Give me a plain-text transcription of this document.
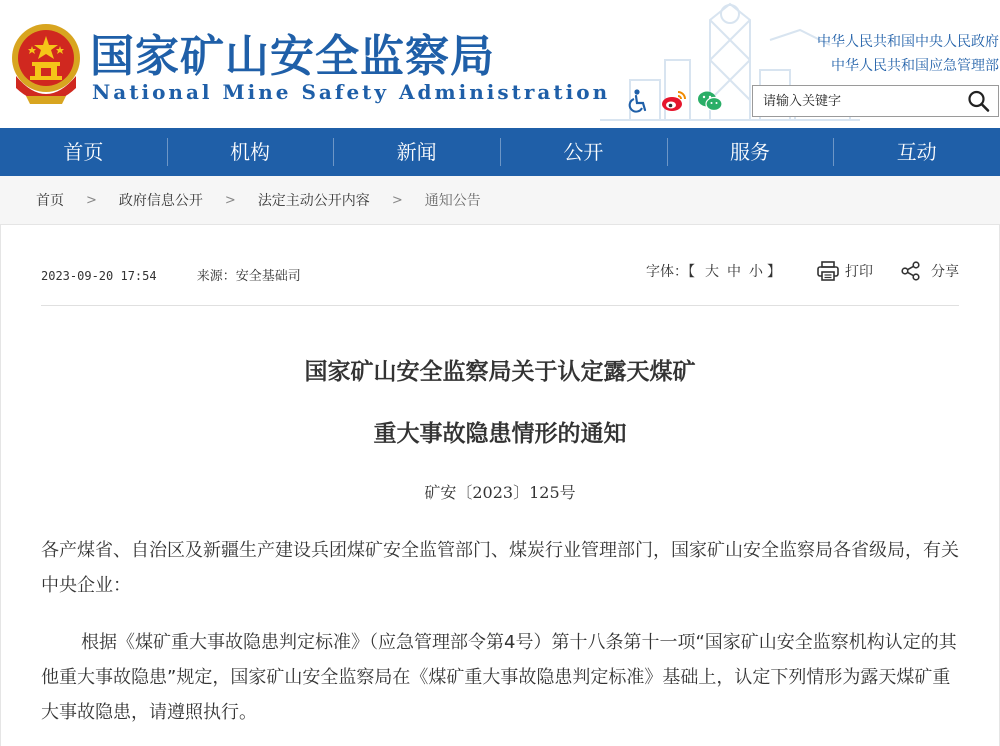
国家矿山安全监察局
National Mine Safety Administration
中华人民共和国中央人民政府
中华人民共和国应急管理部
请输入关键字
首页	机构	新闻	公开	服务	互动
首页 > 政府信息公开 > 法定主动公开内容 > 通知公告
2023-09-20 17:54	来源：安全基础司	字体：【 大 中 小 】	打印	分享
国家矿山安全监察局关于认定露天煤矿
重大事故隐患情形的通知
矿安〔2023〕125号
各产煤省、自治区及新疆生产建设兵团煤矿安全监管部门、煤炭行业管理部门，国家矿山安全监察局各省级局，有关中央企业：
根据《煤矿重大事故隐患判定标准》（应急管理部令第4号）第十八条第十一项“国家矿山安全监察机构认定的其他重大事故隐患”规定，国家矿山安全监察局在《煤矿重大事故隐患判定标准》基础上，认定下列情形为露天煤矿重大事故隐患，请遵照执行。
